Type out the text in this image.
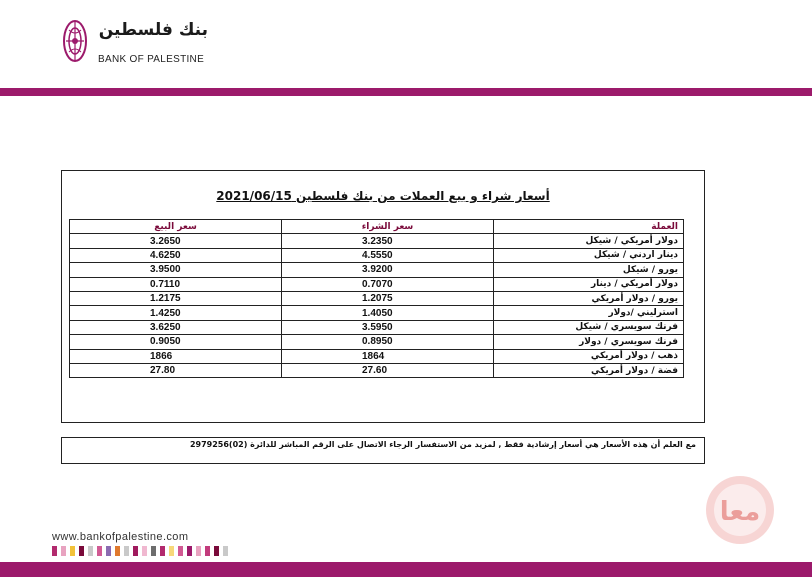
بنك فلسطين
BANK OF PALESTINE
أسعار شراء و بيع العملات من بنك فلسطين 2021/06/15
العملة	سعر الشراء	سعر البيع
دولار أمريكي / شيكل	3.2350	3.2650
دينار اردني / شيكل	4.5550	4.6250
يورو / شيكل	3.9200	3.9500
دولار أمريكي / دينار	0.7070	0.7110
يورو / دولار أمريكي	1.2075	1.2175
استرليني /دولار	1.4050	1.4250
فرنك سويسري / شيكل	3.5950	3.6250
فرنك سويسري / دولار	0.8950	0.9050
ذهب / دولار أمريكي	1864	1866
فضة / دولار أمريكي	27.60	27.80
مع العلم أن هذه الأسعار هي أسعار إرشادية فقط , لمزيد من الاستفسار الرجاء الاتصال على الرقم المباشر للدائرة (02)2979256
www.bankofpalestine.com
معا
